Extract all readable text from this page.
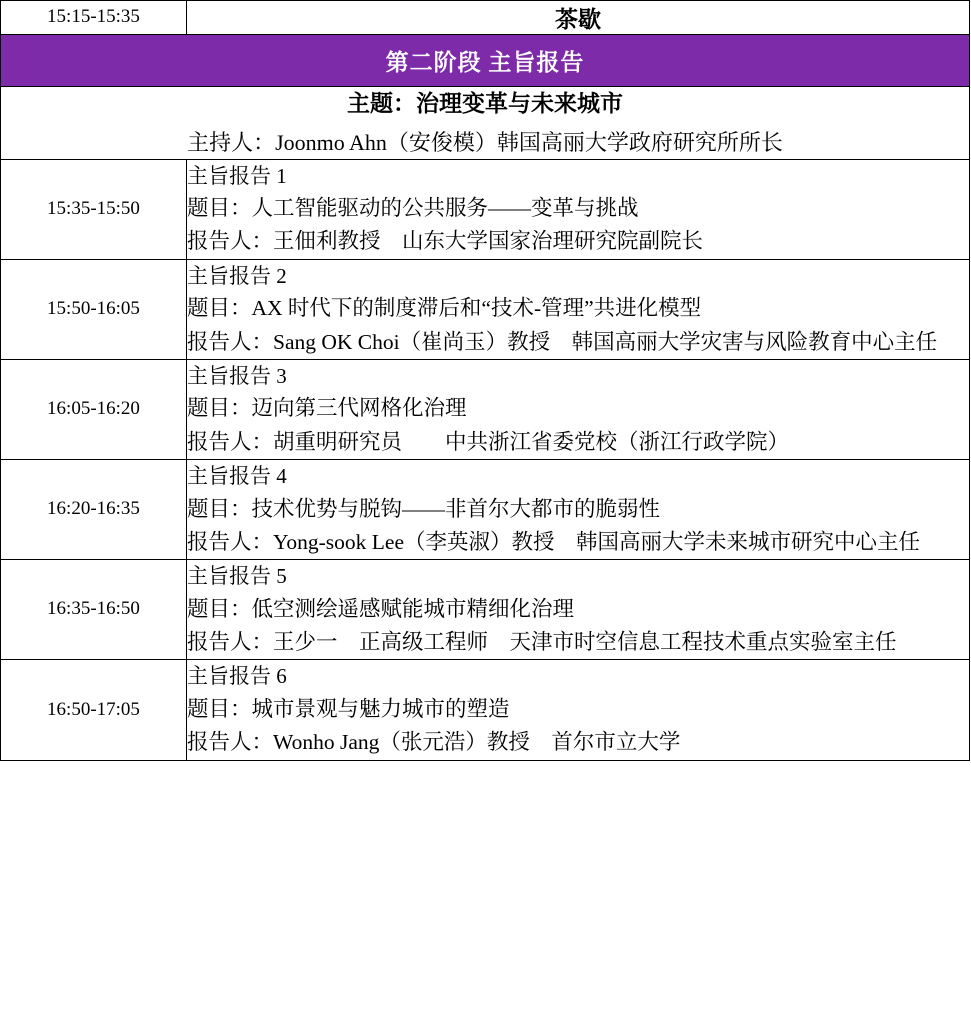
15:15-15:35	茶歇
第二阶段 主旨报告	

主题：治理变革与未来城市
主持人：Joonmo Ahn（安俊模）韩国高丽大学政府研究所所长	

15:35-15:50	主旨报告 1
题目：人工智能驱动的公共服务——变革与挑战
报告人：王佃利教授　山东大学国家治理研究院副院长

15:50-16:05	主旨报告 2
题目：AX 时代下的制度滞后和“技术-管理”共进化模型
报告人：Sang OK Choi（崔尚玉）教授　韩国高丽大学灾害与风险教育中心主任

16:05-16:20	主旨报告 3
题目：迈向第三代网格化治理
报告人：胡重明研究员　　中共浙江省委党校（浙江行政学院）

16:20-16:35	主旨报告 4
题目：技术优势与脱钩——非首尔大都市的脆弱性
报告人：Yong-sook Lee（李英淑）教授　韩国高丽大学未来城市研究中心主任

16:35-16:50	主旨报告 5
题目：低空测绘遥感赋能城市精细化治理
报告人：王少一　正高级工程师　天津市时空信息工程技术重点实验室主任

16:50-17:05	主旨报告 6
题目：城市景观与魅力城市的塑造
报告人：Wonho Jang（张元浩）教授　首尔市立大学
